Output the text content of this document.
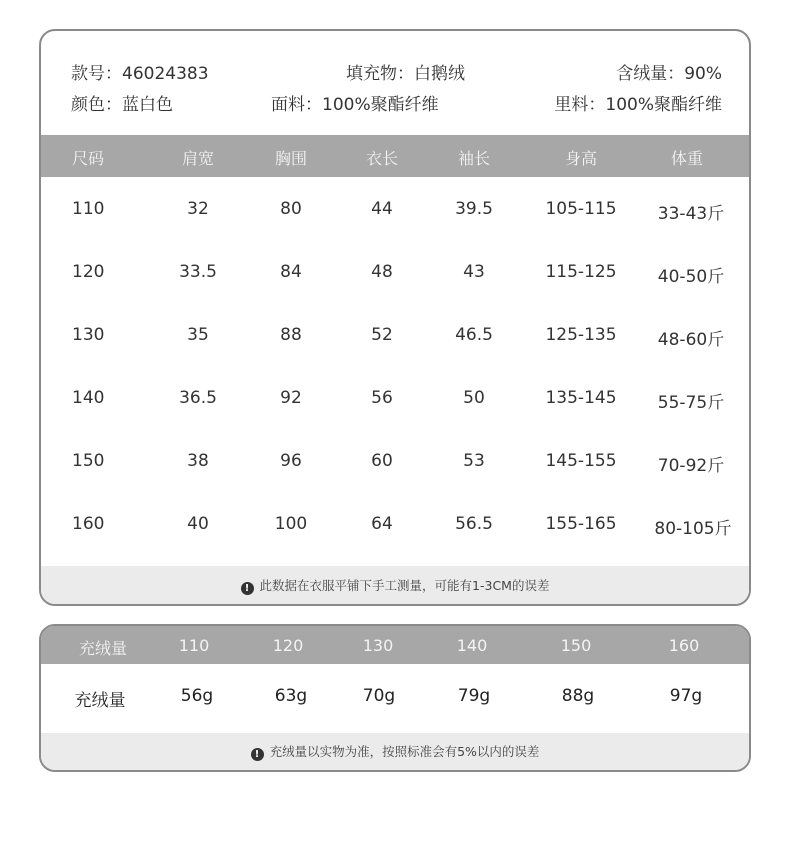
款号：46024383	填充物：白鹅绒	含绒量：90%
颜色：蓝白色	面料：100%聚酯纤维	里料：100%聚酯纤维
尺码	肩宽	胸围	衣长	袖长	身高	体重
110	32	80	44	39.5	105-115 33-43斤
120	33.5	84	48	43	115-125 40-50斤
130	35	88	52	46.5	125-135 48-60斤
140	36.5	92	56	50	135-145 55-75斤
150	38	96	60	53	145-155 70-92斤
160	40	100	64	56.5	155-165 80-105斤
! 此数据在衣服平铺下手工测量，可能有1-3CM的误差
充绒量	110	120	130	140	150	160
充绒量	56g	63g	70g	79g	88g	97g
! 充绒量以实物为准，按照标准会有5%以内的误差
